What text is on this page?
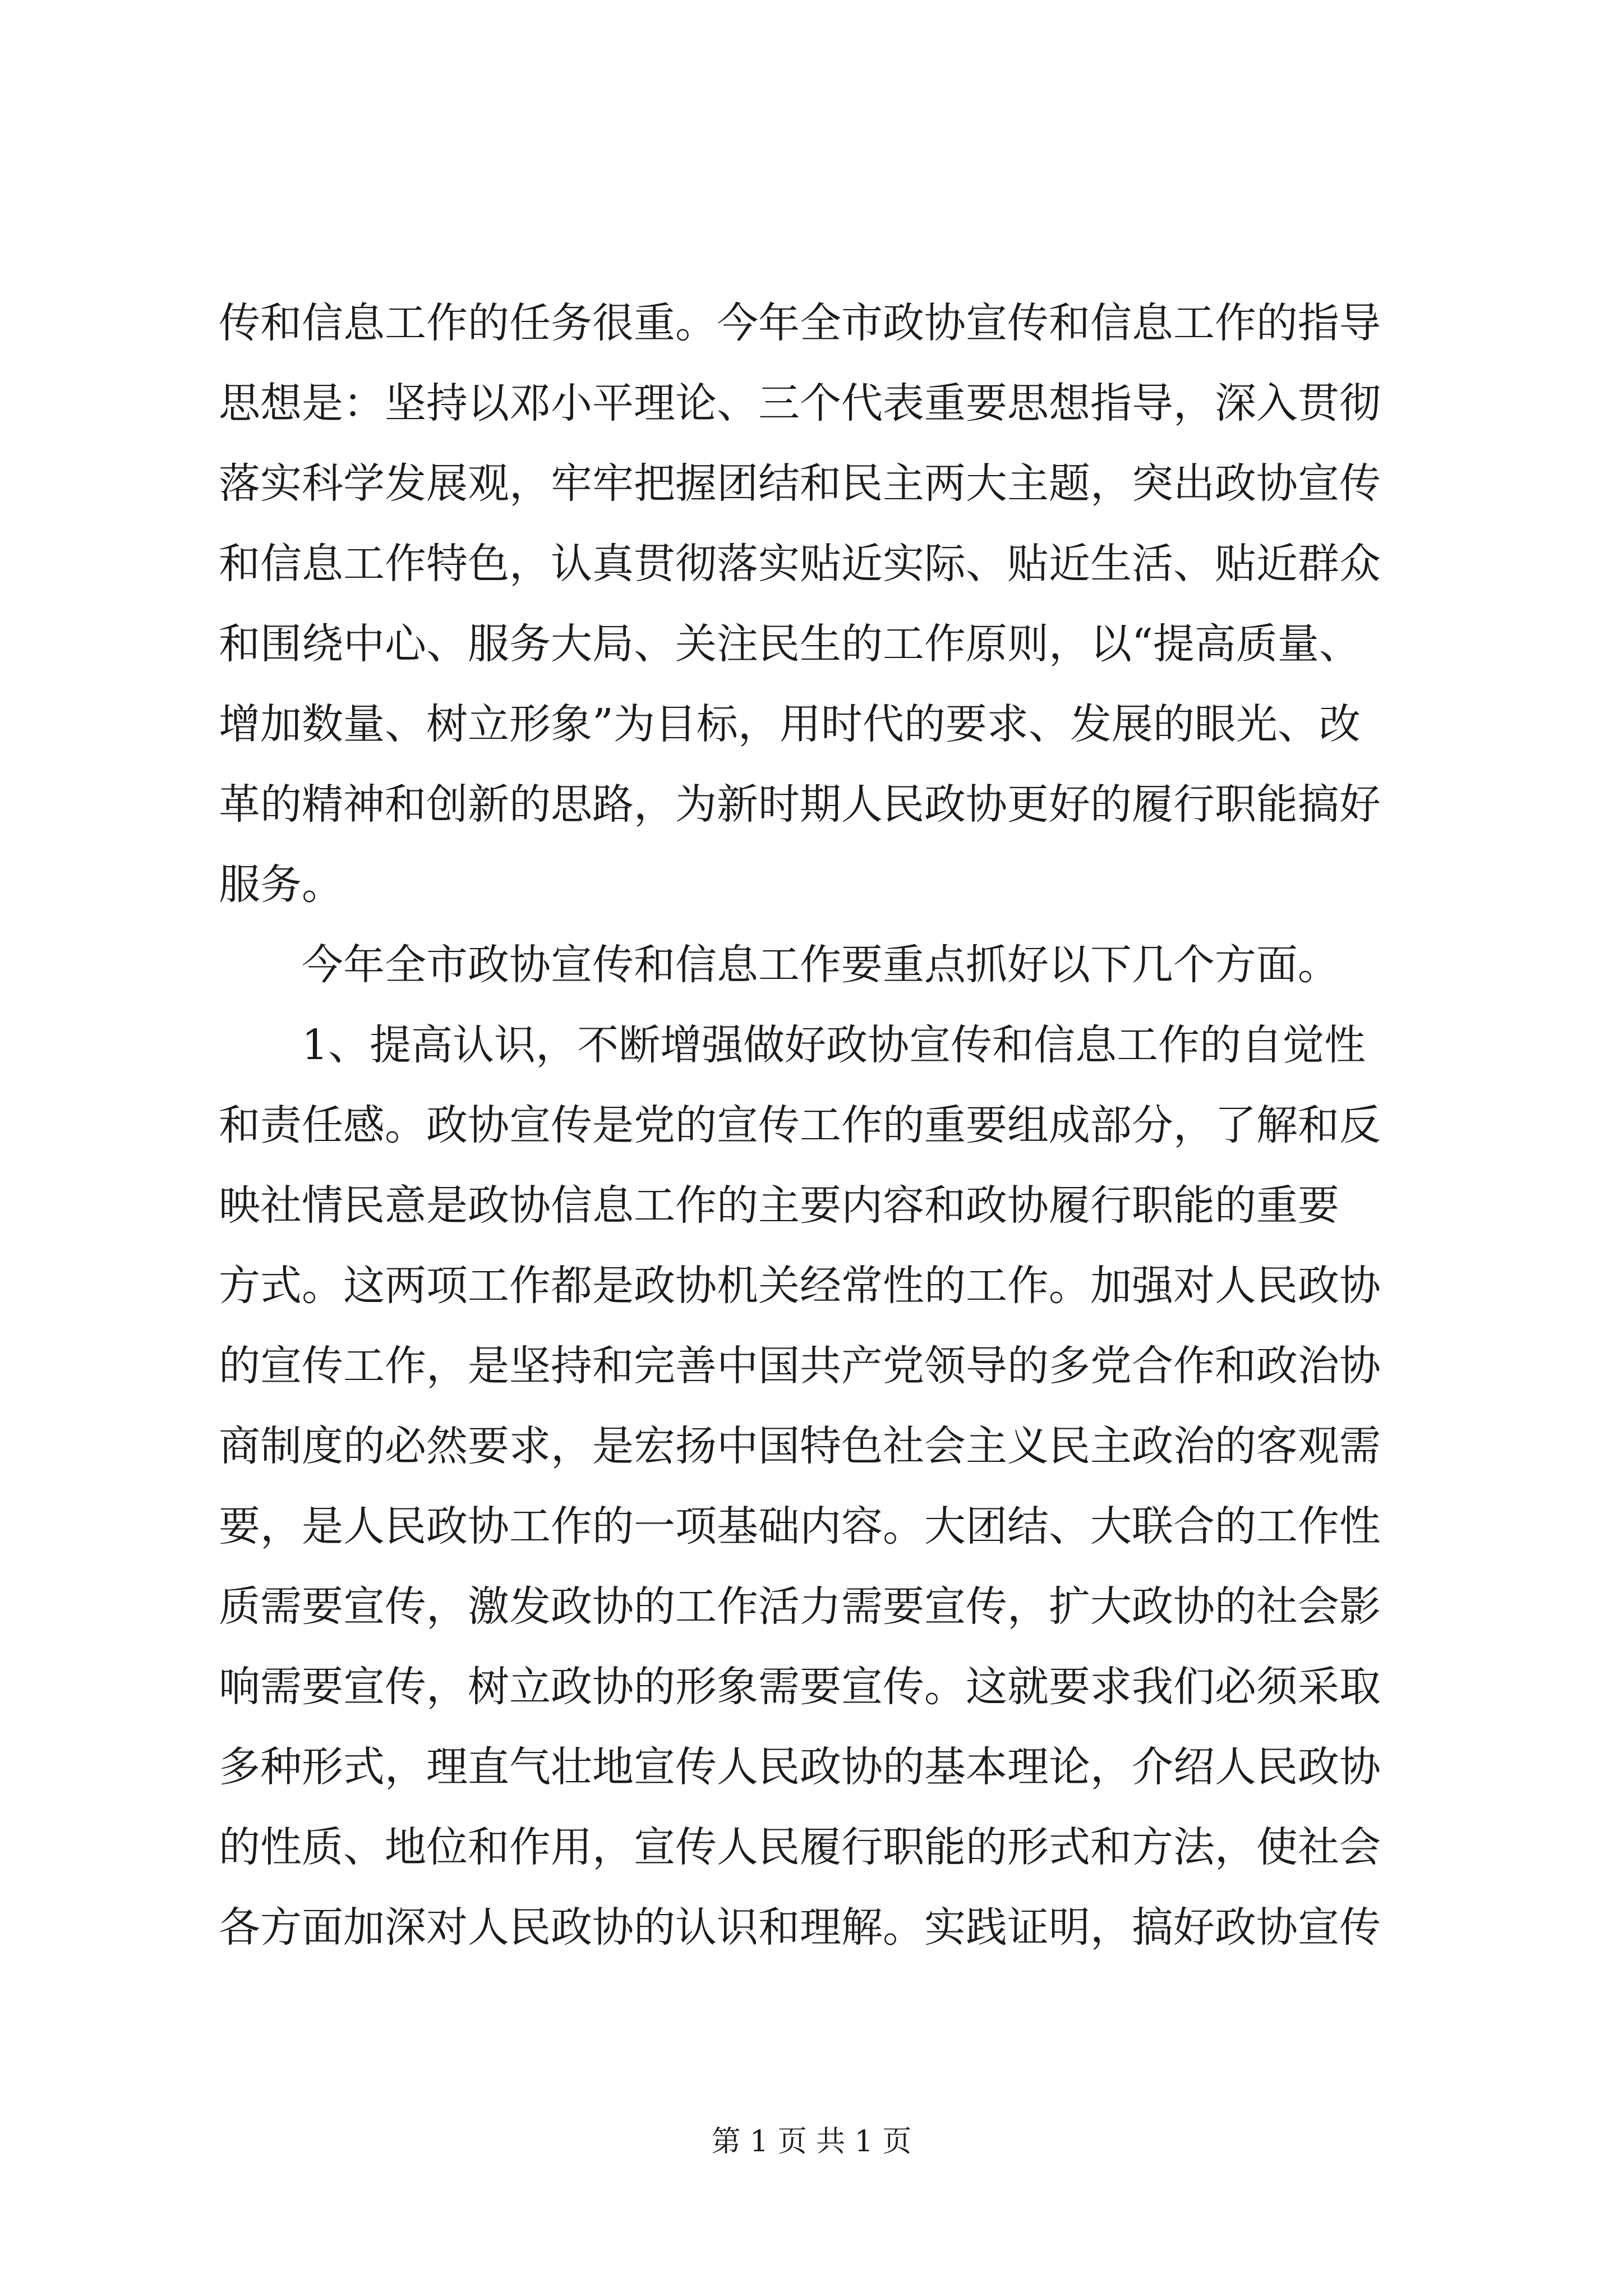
传和信息工作的任务很重。今年全市政协宣传和信息工作的指导
思想是：坚持以邓小平理论、三个代表重要思想指导，深入贯彻
落实科学发展观，牢牢把握团结和民主两大主题，突出政协宣传
和信息工作特色，认真贯彻落实贴近实际、贴近生活、贴近群众
和围绕中心、服务大局、关注民生的工作原则，以“提高质量、
增加数量、树立形象”为目标，用时代的要求、发展的眼光、改
革的精神和创新的思路，为新时期人民政协更好的履行职能搞好
服务。
今年全市政协宣传和信息工作要重点抓好以下几个方面。
1、提高认识，不断增强做好政协宣传和信息工作的自觉性
和责任感。政协宣传是党的宣传工作的重要组成部分，了解和反
映社情民意是政协信息工作的主要内容和政协履行职能的重要
方式。这两项工作都是政协机关经常性的工作。加强对人民政协
的宣传工作，是坚持和完善中国共产党领导的多党合作和政治协
商制度的必然要求，是宏扬中国特色社会主义民主政治的客观需
要，是人民政协工作的一项基础内容。大团结、大联合的工作性
质需要宣传，激发政协的工作活力需要宣传，扩大政协的社会影
响需要宣传，树立政协的形象需要宣传。这就要求我们必须采取
多种形式，理直气壮地宣传人民政协的基本理论，介绍人民政协
的性质、地位和作用，宣传人民履行职能的形式和方法，使社会
各方面加深对人民政协的认识和理解。实践证明，搞好政协宣传
第 1 页 共 1 页
